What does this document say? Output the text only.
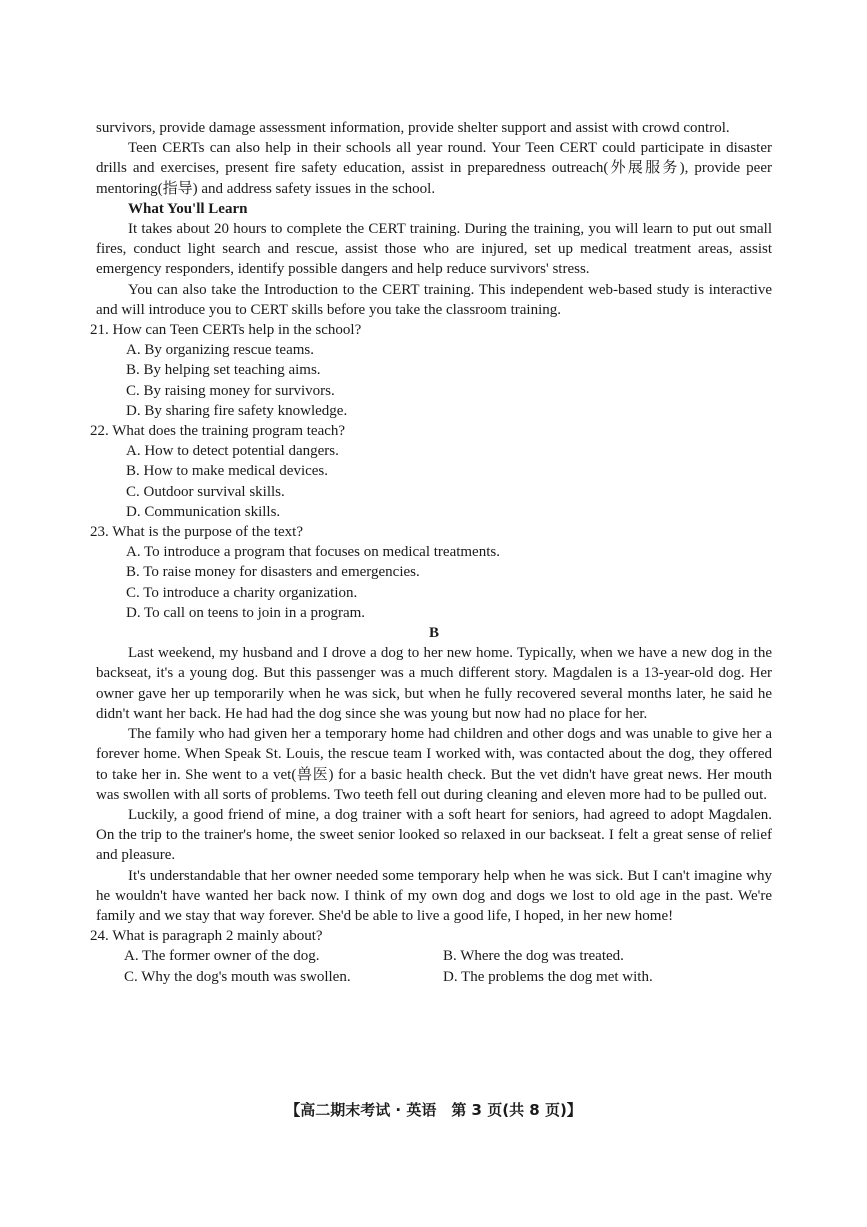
survivors, provide damage assessment information, provide shelter support and assist with crowd control.

Teen CERTs can also help in their schools all year round. Your Teen CERT could participate in disaster drills and exercises, present fire safety education, assist in preparedness outreach(外展服务), provide peer mentoring(指导) and address safety issues in the school.

What You'll Learn

It takes about 20 hours to complete the CERT training. During the training, you will learn to put out small fires, conduct light search and rescue, assist those who are injured, set up medical treatment areas, assist emergency responders, identify possible dangers and help reduce survivors' stress.

You can also take the Introduction to the CERT training. This independent web-based study is interactive and will introduce you to CERT skills before you take the classroom training.

21. How can Teen CERTs help in the school?

A. By organizing rescue teams.

B. By helping set teaching aims.

C. By raising money for survivors.

D. By sharing fire safety knowledge.

22. What does the training program teach?

A. How to detect potential dangers.

B. How to make medical devices.

C. Outdoor survival skills.

D. Communication skills.

23. What is the purpose of the text?

A. To introduce a program that focuses on medical treatments.

B. To raise money for disasters and emergencies.

C. To introduce a charity organization.

D. To call on teens to join in a program.

B

Last weekend, my husband and I drove a dog to her new home. Typically, when we have a new dog in the backseat, it's a young dog. But this passenger was a much different story. Magdalen is a 13-year-old dog. Her owner gave her up temporarily when he was sick, but when he fully recovered several months later, he said he didn't want her back. He had had the dog since she was young but now had no place for her.

The family who had given her a temporary home had children and other dogs and was unable to give her a forever home. When Speak St. Louis, the rescue team I worked with, was contacted about the dog, they offered to take her in. She went to a vet(兽医) for a basic health check. But the vet didn't have great news. Her mouth was swollen with all sorts of problems. Two teeth fell out during cleaning and eleven more had to be pulled out.

Luckily, a good friend of mine, a dog trainer with a soft heart for seniors, had agreed to adopt Magdalen. On the trip to the trainer's home, the sweet senior looked so relaxed in our backseat. I felt a great sense of relief and pleasure.

It's understandable that her owner needed some temporary help when he was sick. But I can't imagine why he wouldn't have wanted her back now. I think of my own dog and dogs we lost to old age in the past. We're family and we stay that way forever. She'd be able to live a good life, I hoped, in her new home!

24. What is paragraph 2 mainly about?

A. The former owner of the dog.	B. Where the dog was treated.
C. Why the dog's mouth was swollen.	D. The problems the dog met with.
【高二期末考试 · 英语　第 3 页(共 8 页)】
